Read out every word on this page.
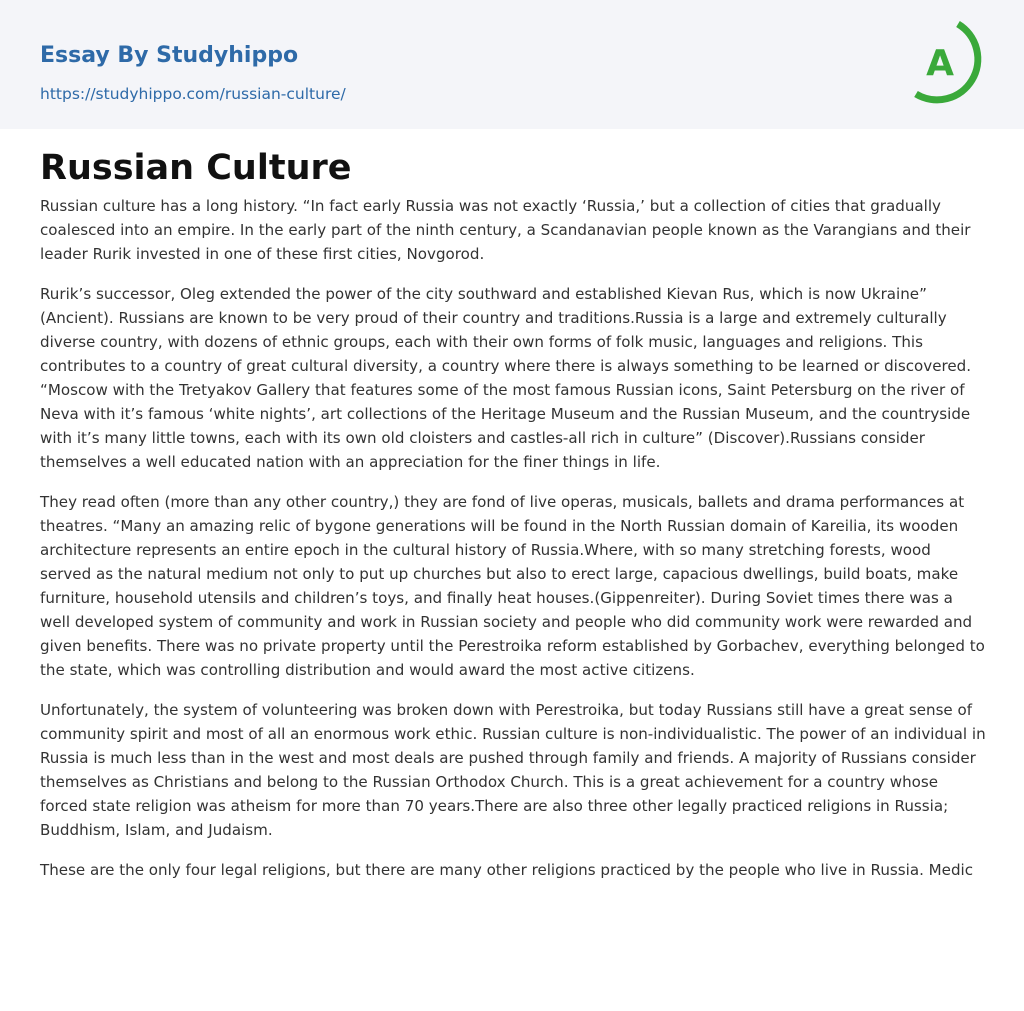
Essay By Studyhippo
https://studyhippo.com/russian-culture/
A
Russian Culture

Russian culture has a long history. “In fact early Russia was not exactly ‘Russia,’ but a collection of cities that gradually coalesced into an empire. In the early part of the ninth century, a Scandanavian people known as the Varangians and their leader Rurik invested in one of these first cities, Novgorod.

Rurik’s successor, Oleg extended the power of the city southward and established Kievan Rus, which is now Ukraine” (Ancient). Russians are known to be very proud of their country and traditions.Russia is a large and extremely culturally diverse country, with dozens of ethnic groups, each with their own forms of folk music, languages and religions. This contributes to a country of great cultural diversity, a country where there is always something to be learned or discovered. “Moscow with the Tretyakov Gallery that features some of the most famous Russian icons, Saint Petersburg on the river of Neva with it’s famous ‘white nights’, art collections of the Heritage Museum and the Russian Museum, and the countryside with it’s many little towns, each with its own old cloisters and castles-all rich in culture” (Discover).Russians consider themselves a well educated nation with an appreciation for the finer things in life.

They read often (more than any other country,) they are fond of live operas, musicals, ballets and drama performances at theatres. “Many an amazing relic of bygone generations will be found in the North Russian domain of Kareilia, its wooden architecture represents an entire epoch in the cultural history of Russia.Where, with so many stretching forests, wood served as the natural medium not only to put up churches but also to erect large, capacious dwellings, build boats, make furniture, household utensils and children’s toys, and finally heat houses.(Gippenreiter). During Soviet times there was a well developed system of community and work in Russian society and people who did community work were rewarded and given benefits. There was no private property until the Perestroika reform established by Gorbachev, everything belonged to the state, which was controlling distribution and would award the most active citizens.

Unfortunately, the system of volunteering was broken down with Perestroika, but today Russians still have a great sense of community spirit and most of all an enormous work ethic. Russian culture is non-individualistic. The power of an individual in Russia is much less than in the west and most deals are pushed through family and friends. A majority of Russians consider themselves as Christians and belong to the Russian Orthodox Church. This is a great achievement for a country whose forced state religion was atheism for more than 70 years.There are also three other legally practiced religions in Russia; Buddhism, Islam, and Judaism.

These are the only four legal religions, but there are many other religions practiced by the people who live in Russia. Medic
